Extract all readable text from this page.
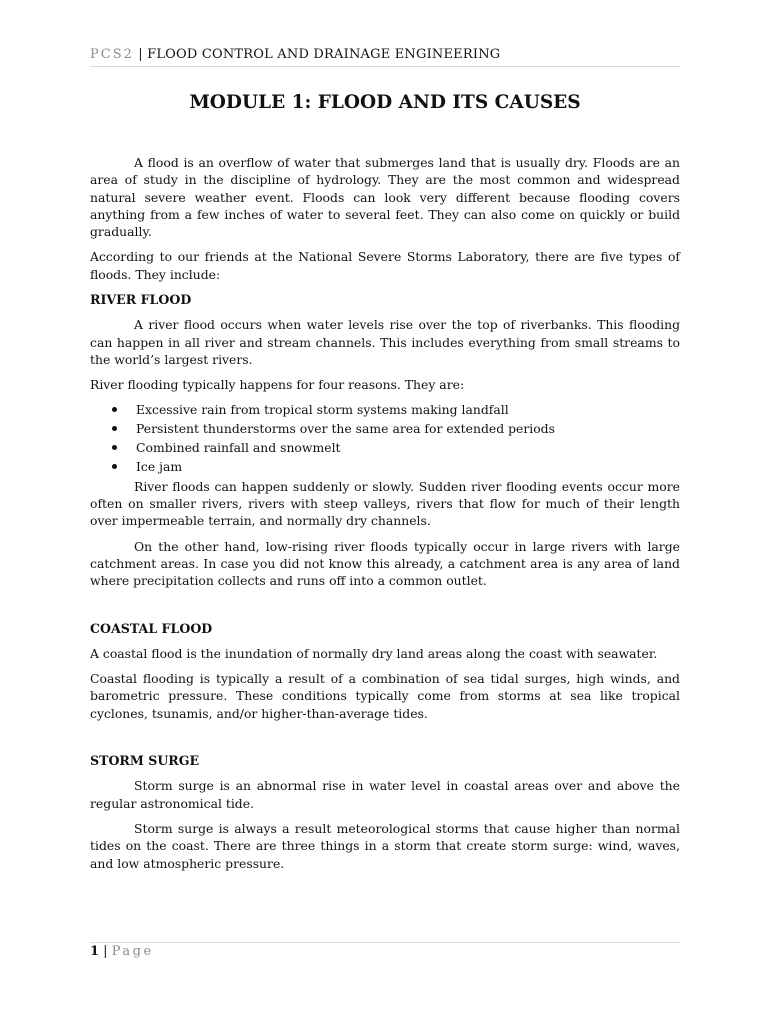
PCS2 | FLOOD CONTROL AND DRAINAGE ENGINEERING
MODULE 1: FLOOD AND ITS CAUSES

A flood is an overflow of water that submerges land that is usually dry. Floods are an area of study in the discipline of hydrology. They are the most common and widespread natural severe weather event. Floods can look very different because flooding covers anything from a few inches of water to several feet. They can also come on quickly or build gradually.

According to our friends at the National Severe Storms Laboratory, there are five types of floods. They include:

RIVER FLOOD

A river flood occurs when water levels rise over the top of riverbanks. This flooding can happen in all river and stream channels. This includes everything from small streams to the world’s largest rivers.

River flooding typically happens for four reasons. They are:

Excessive rain from tropical storm systems making landfall
Persistent thunderstorms over the same area for extended periods
Combined rainfall and snowmelt
Ice jam

River floods can happen suddenly or slowly. Sudden river flooding events occur more often on smaller rivers, rivers with steep valleys, rivers that flow for much of their length over impermeable terrain, and normally dry channels.

On the other hand, low-rising river floods typically occur in large rivers with large catchment areas. In case you did not know this already, a catchment area is any area of land where precipitation collects and runs off into a common outlet.

COASTAL FLOOD

A coastal flood is the inundation of normally dry land areas along the coast with seawater.

Coastal flooding is typically a result of a combination of sea tidal surges, high winds, and barometric pressure. These conditions typically come from storms at sea like tropical cyclones, tsunamis, and/or higher-than-average tides.

STORM SURGE

Storm surge is an abnormal rise in water level in coastal areas over and above the regular astronomical tide.

Storm surge is always a result meteorological storms that cause higher than normal tides on the coast. There are three things in a storm that create storm surge: wind, waves, and low atmospheric pressure.

1 | Page
